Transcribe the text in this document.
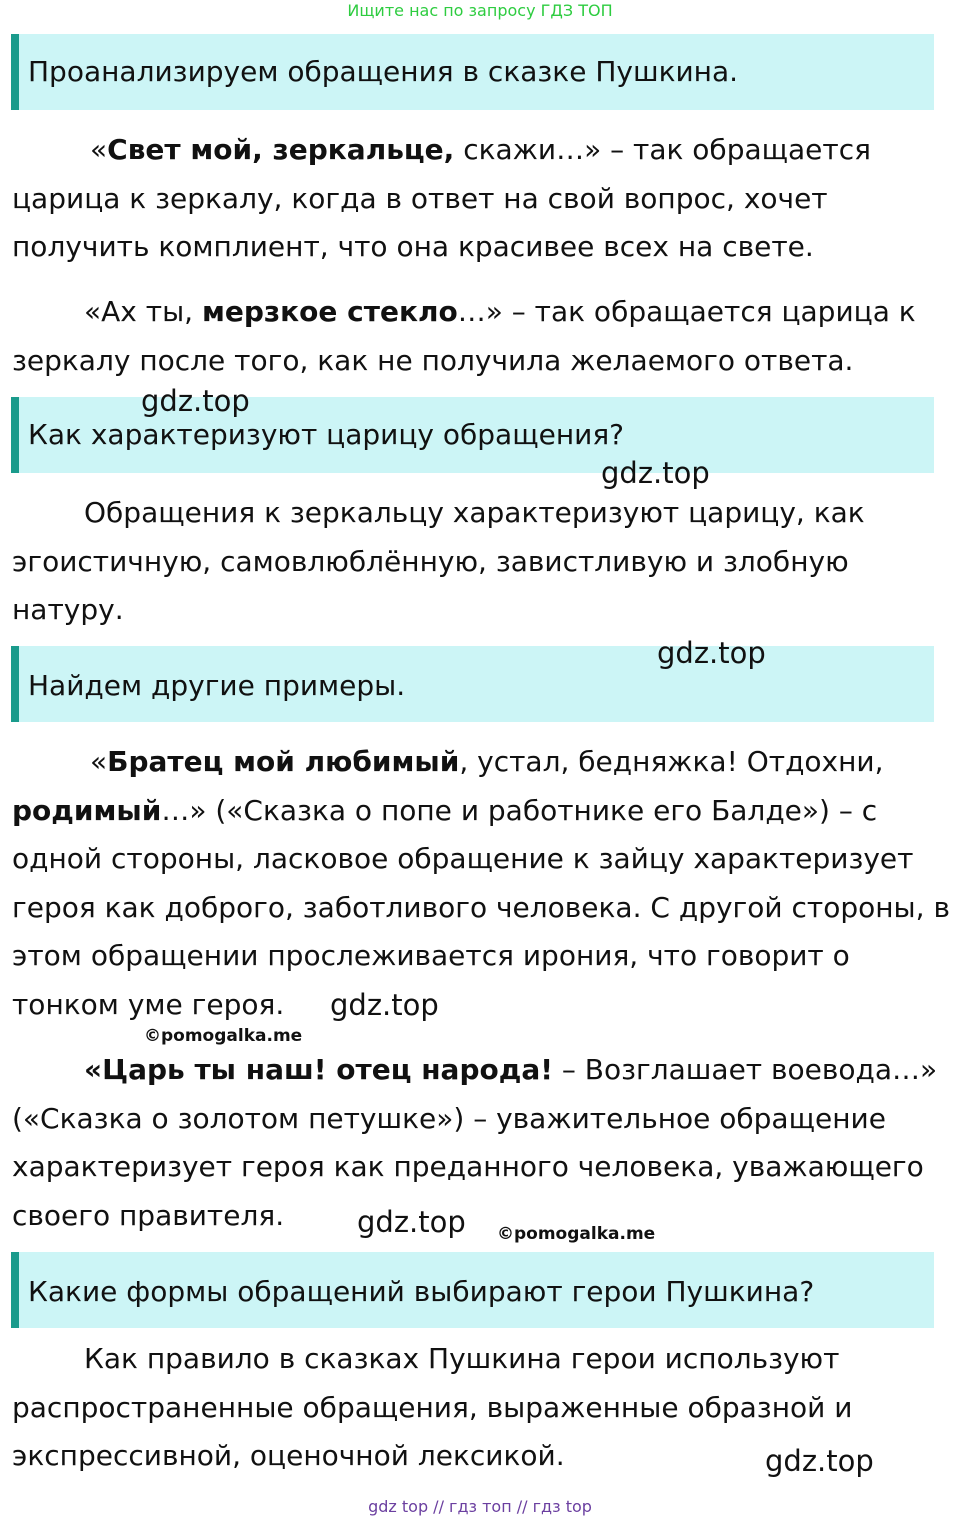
Ищите нас по запросу ГДЗ ТОП
Проанализируем обращения в сказке Пушкина.
«Свет мой, зеркальце, скажи…» – так обращается царица к зеркалу, когда в ответ на свой вопрос, хочет получить комплиент, что она красивее всех на свете.
«Ах ты, мерзкое стекло…» – так обращается царица к зеркалу после того, как не получила желаемого ответа.
Как характеризуют царицу обращения?
Обращения к зеркальцу характеризуют царицу, как эгоистичную, самовлюблённую, завистливую и злобную натуру.
Найдем другие примеры.
«Братец мой любимый, устал, бедняжка! Отдохни, родимый…» («Сказка о попе и работнике его Балде») – с одной стороны, ласковое обращение к зайцу характеризует героя как доброго, заботливого человека. С другой стороны, в этом обращении прослеживается ирония, что говорит о тонком уме героя.
«Царь ты наш! отец народа! – Возглашает воевода…» («Сказка о золотом петушке») – уважительное обращение характеризует героя как преданного человека, уважающего своего правителя.
Какие формы обращений выбирают герои Пушкина?
Как правило в сказках Пушкина герои используют распространенные обращения, выраженные образной и экспрессивной, оценочной лексикой.
gdz.top
gdz.top
gdz.top
gdz.top
gdz.top
gdz.top
©pomogalka.me
©pomogalka.me
gdz top // гдз топ // гдз top
